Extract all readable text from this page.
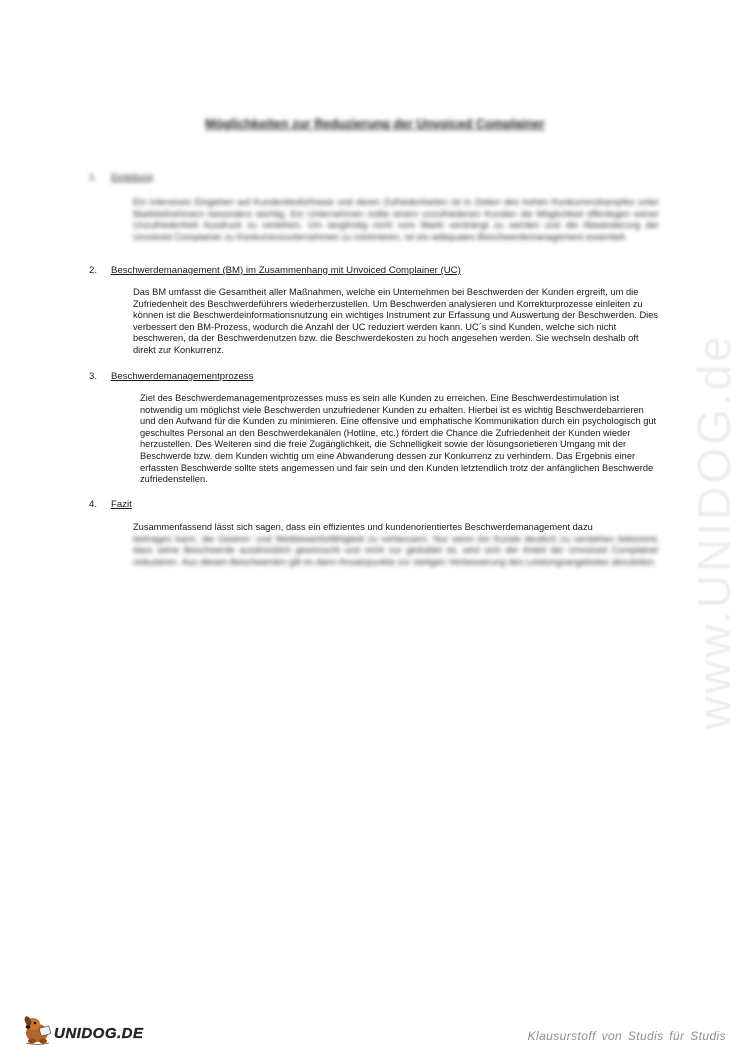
Möglichkeiten zur Reduzierung der Unvoiced Complainer
1.	Einleitung
Ein intensives Eingehen auf Kundenbedürfnisse und deren Zufriedenheiten ist in Zeiten des hohen Konkurrenzkampfes unter Marktteilnehmern besonders wichtig. Ein Unternehmen sollte einem unzufriedenen Kunden die Möglichkeit offenlegen seiner Unzufriedenheit Ausdruck zu verleihen. Um langfristig nicht vom Markt verdrängt zu werden und die Abwanderung der Unvoiced Complainer zu Konkurrenzunternehmen zu minimieren, ist ein adäquates Beschwerdemanagement essentiell.
2.	Beschwerdemanagement (BM) im Zusammenhang mit Unvoiced Complainer (UC)
Das BM umfasst die Gesamtheit aller Maßnahmen, welche ein Unternehmen bei Beschwerden der Kunden ergreift, um die Zufriedenheit des Beschwerdeführers wiederherzustellen. Um Beschwerden analysieren und Korrekturprozesse einleiten zu können ist die Beschwerdeinformationsnutzung ein wichtiges Instrument zur Erfassung und Auswertung der Beschwerden. Dies verbessert den BM-Prozess, wodurch die Anzahl der UC reduziert werden kann. UC´s sind Kunden, welche sich nicht beschweren, da der Beschwerdenutzen bzw. die Beschwerdekosten zu hoch angesehen werden. Sie wechseln deshalb oft direkt zur Konkurrenz.
3.	Beschwerdemanagementprozess
Ziel des Beschwerdemanagementprozesses muss es sein alle Kunden zu erreichen. Eine Beschwerdestimulation ist notwendig um möglichst viele Beschwerden unzufriedener Kunden zu erhalten. Hierbei ist es wichtig Beschwerdebarrieren und den Aufwand für die Kunden zu minimieren. Eine offensive und emphatische Kommunikation durch ein psychologisch gut geschultes Personal an den Beschwerdekanälen (Hotline, etc.) fördert die Chance die Zufriedenheit der Kunden wieder herzustellen. Des Weiteren sind die freie Zugänglichkeit, die Schnelligkeit sowie der lösungsorietieren Umgang mit der Beschwerde bzw. dem Kunden wichtig um eine Abwanderung dessen zur Konkurrenz zu verhindern. Das Ergebnis einer erfassten Beschwerde sollte stets angemessen und fair sein und den Kunden letztendlich trotz der anfänglichen Beschwerde zufriedenstellen.
4.	Fazit
Zusammenfassend lässt sich sagen, dass ein effizientes und kundenorientiertes Beschwerdemanagement dazu
beitragen kann, die Gewinn- und Wettbewerbsfähigkeit zu verbessern. Nur wenn ein Kunde deutlich zu verstehen bekommt, dass seine Beschwerde ausdrücklich gewünscht und nicht nur geduldet ist, wird sich der Anteil der Unvoiced Complainer reduzieren. Aus diesen Beschwerden gilt es dann Ansatzpunkte zur stetigen Verbesserung des Leistungsangebotes abzuleiten. www.UNIDOG.de
UNIDOG.DE	Klausurstoff von Studis für Studis
